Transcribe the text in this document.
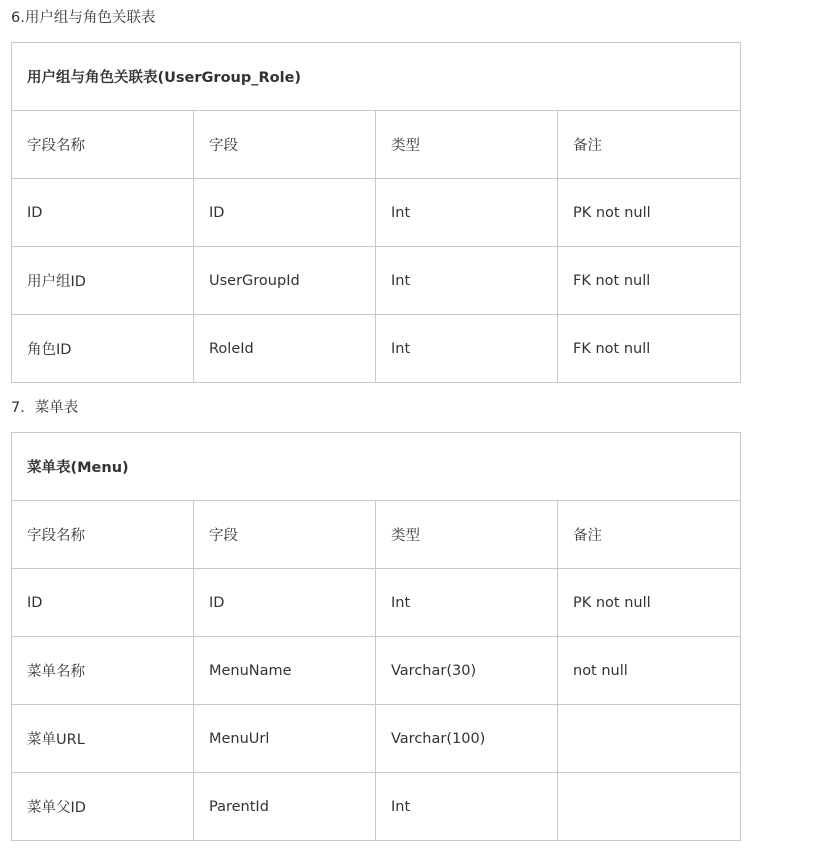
6.用户组与角色关联表
用户组与角色关联表(UserGroup_Role)			
字段名称	字段	类型	备注
ID	ID	Int	PK not null
用户组ID	UserGroupId	Int	FK not null
角色ID	RoleId	Int	FK not null
7．菜单表
菜单表(Menu)			
字段名称	字段	类型	备注
ID	ID	Int	PK not null
菜单名称	MenuName	Varchar(30)	not null
菜单URL	MenuUrl	Varchar(100)	
菜单父ID	ParentId	Int	
